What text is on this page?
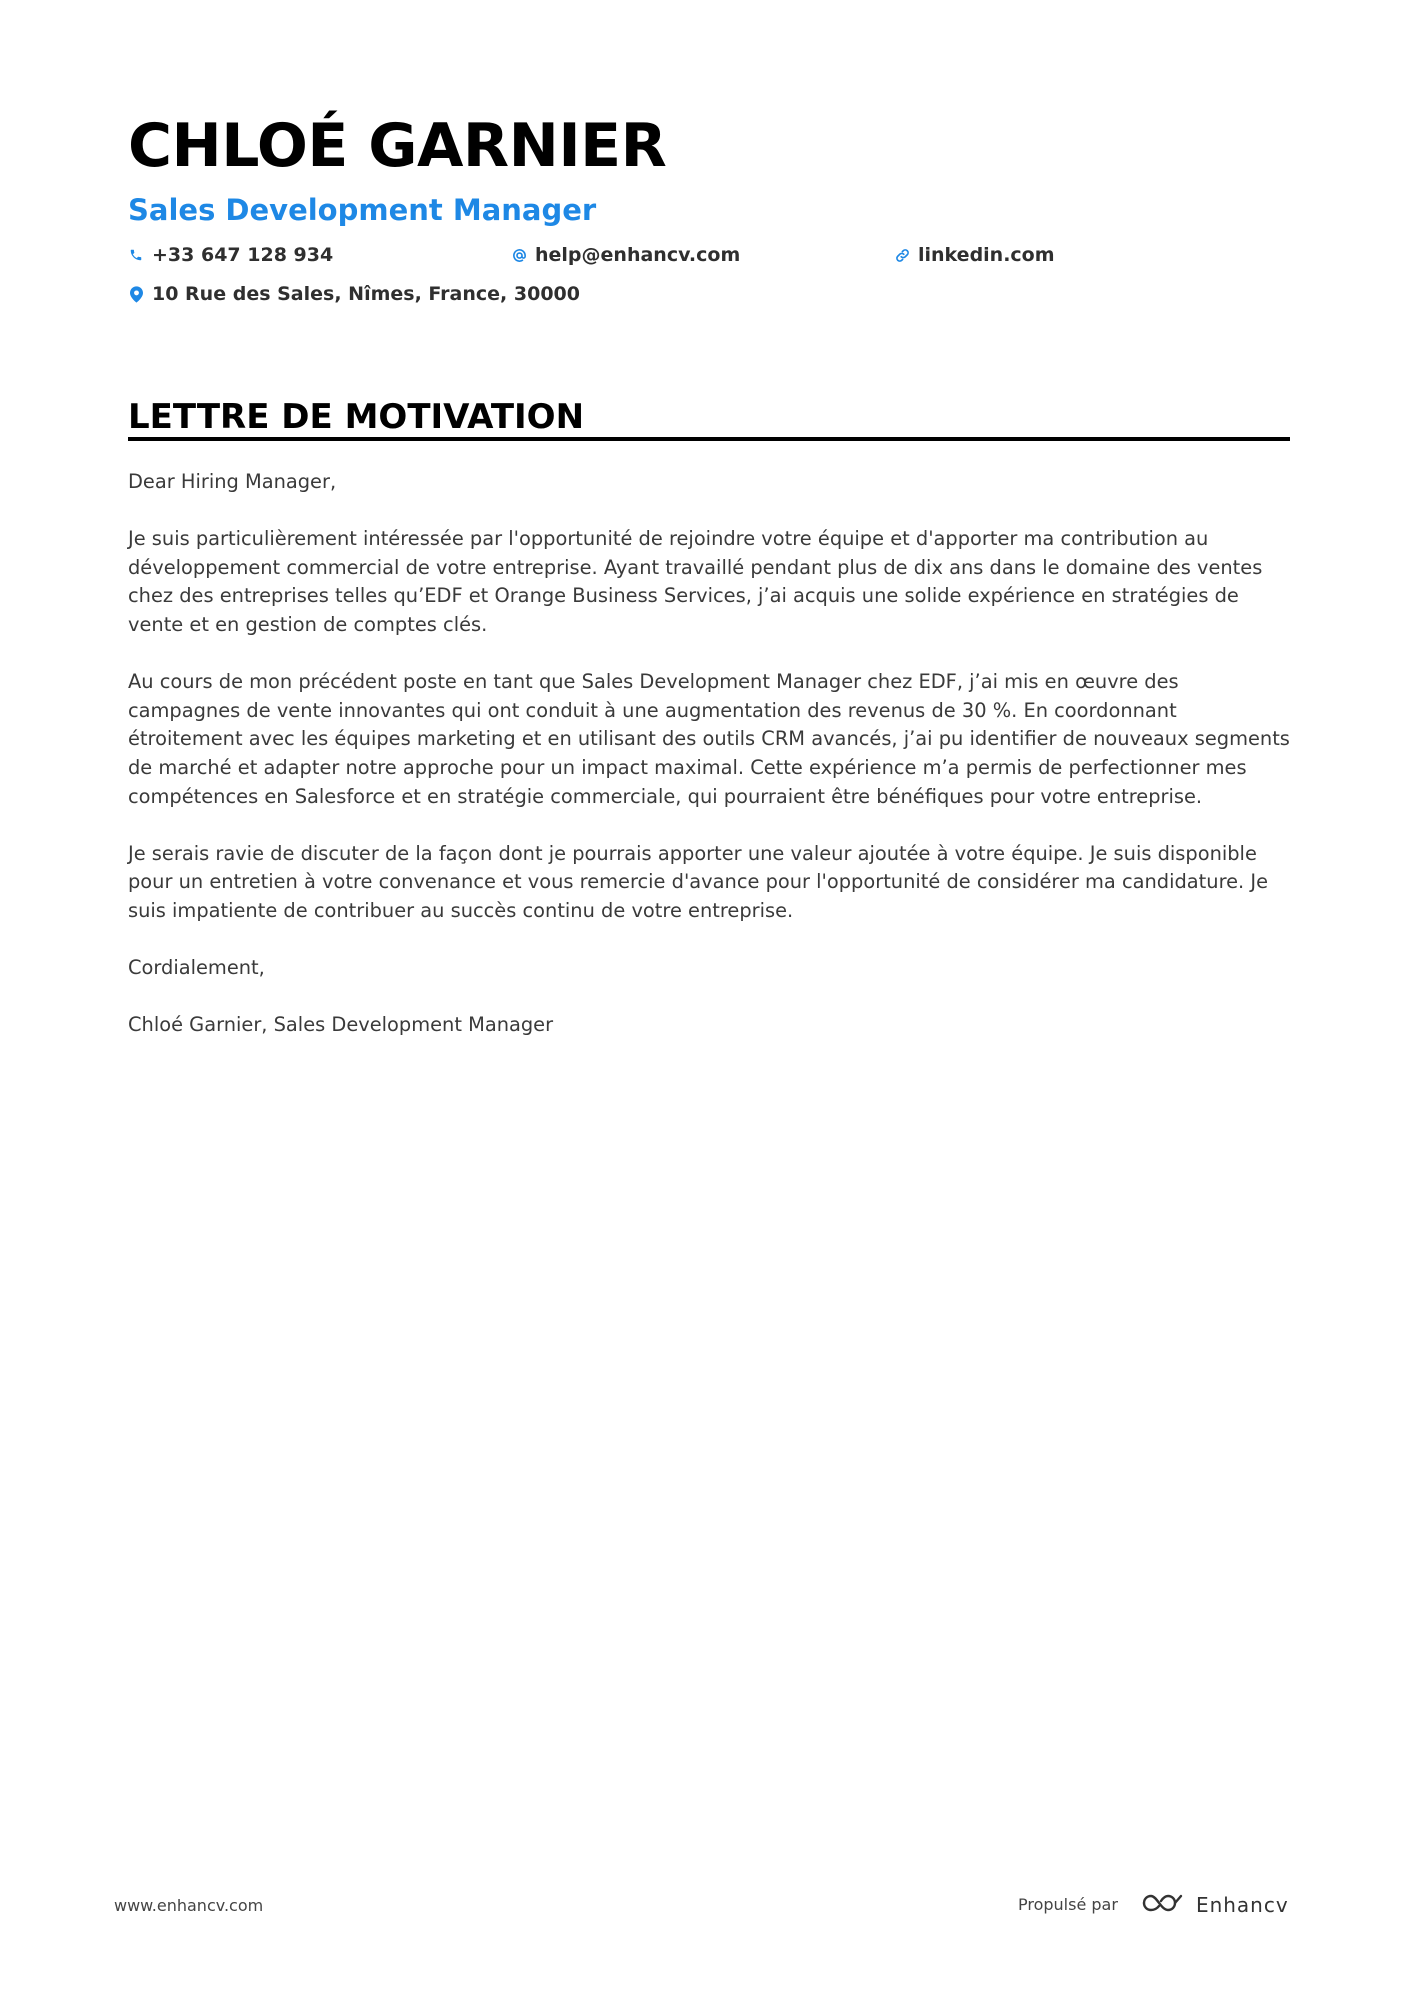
CHLOÉ GARNIER
Sales Development Manager
+33 647 128 934	help@enhancv.com	linkedin.com
10 Rue des Sales, Nîmes, France, 30000
LETTRE DE MOTIVATION

Dear Hiring Manager,

Je suis particulièrement intéressée par l'opportunité de rejoindre votre équipe et d'apporter ma contribution au développement commercial de votre entreprise. Ayant travaillé pendant plus de dix ans dans le domaine des ventes chez des entreprises telles qu’EDF et Orange Business Services, j’ai acquis une solide expérience en stratégies de vente et en gestion de comptes clés.

Au cours de mon précédent poste en tant que Sales Development Manager chez EDF, j’ai mis en œuvre des campagnes de vente innovantes qui ont conduit à une augmentation des revenus de 30 %. En coordonnant étroitement avec les équipes marketing et en utilisant des outils CRM avancés, j’ai pu identifier de nouveaux segments de marché et adapter notre approche pour un impact maximal. Cette expérience m’a permis de perfectionner mes compétences en Salesforce et en stratégie commerciale, qui pourraient être bénéfiques pour votre entreprise.

Je serais ravie de discuter de la façon dont je pourrais apporter une valeur ajoutée à votre équipe. Je suis disponible pour un entretien à votre convenance et vous remercie d'avance pour l'opportunité de considérer ma candidature. Je suis impatiente de contribuer au succès continu de votre entreprise.

Cordialement,

Chloé Garnier, Sales Development Manager

www.enhancv.com	Propulsé par	Enhancv
